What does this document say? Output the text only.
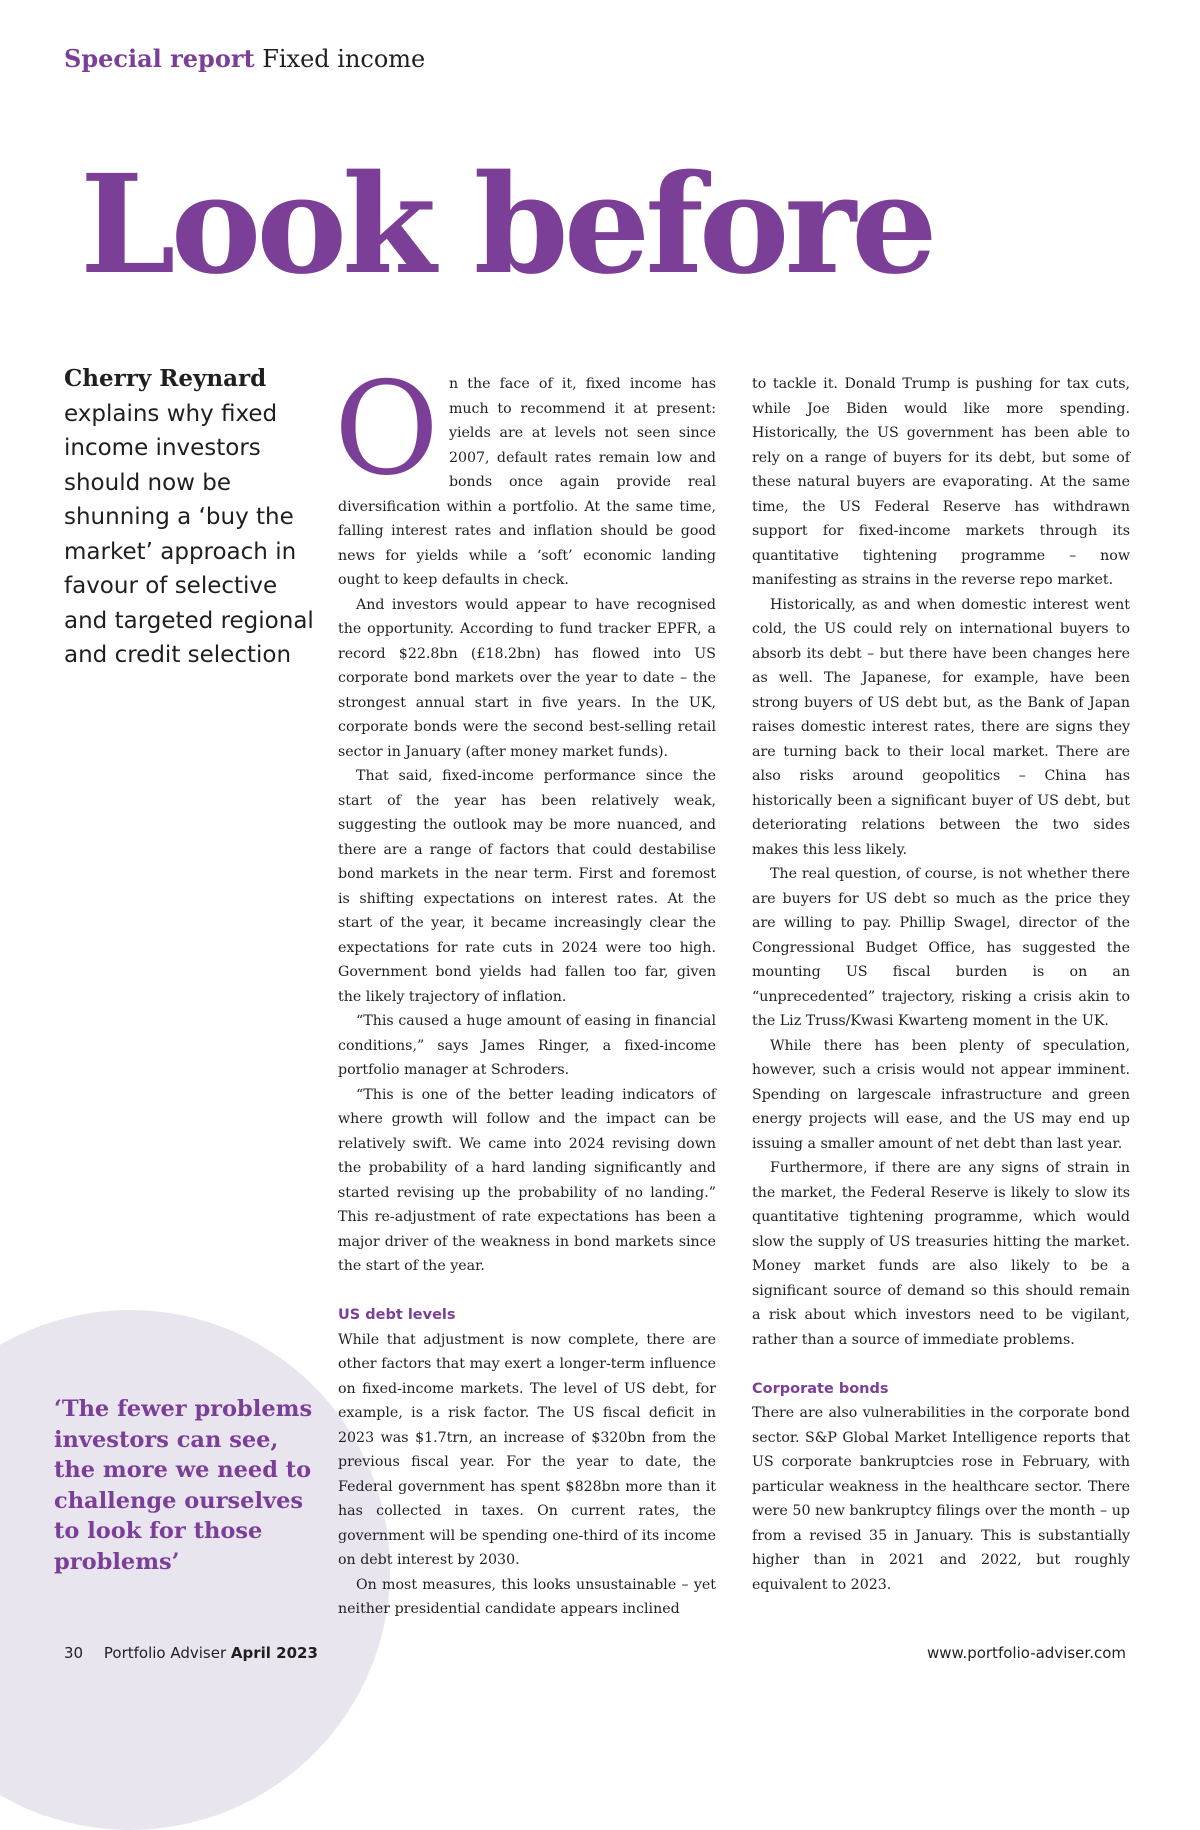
Special report Fixed income
Look before
Cherry Reynard
explains why fixed income investors should now be shunning a ‘buy the market’ approach in favour of selective and targeted regional and credit selection
‘The fewer problems investors can see, the more we need to challenge ourselves to look for those problems’

On the face of it, fixed income has much to recommend it at present: yields are at levels not seen since 2007, default rates remain low and bonds once again provide real diversification within a portfolio. At the same time, falling interest rates and inflation should be good news for yields while a ‘soft’ economic landing ought to keep defaults in check.

And investors would appear to have recognised the opportunity. According to fund tracker EPFR, a record $22.8bn (£18.2bn) has flowed into US corporate bond markets over the year to date – the strongest annual start in five years. In the UK, corporate bonds were the second best-selling retail sector in January (after money market funds).

That said, fixed-income performance since the start of the year has been relatively weak, suggesting the outlook may be more nuanced, and there are a range of factors that could destabilise bond markets in the near term. First and foremost is shifting expectations on interest rates. At the start of the year, it became increasingly clear the expectations for rate cuts in 2024 were too high. Government bond yields had fallen too far, given the likely trajectory of inflation.

“This caused a huge amount of easing in financial conditions,” says James Ringer, a fixed-income portfolio manager at Schroders.

“This is one of the better leading indicators of where growth will follow and the impact can be relatively swift. We came into 2024 revising down the probability of a hard landing significantly and started revising up the probability of no landing.” This re-adjustment of rate expectations has been a major driver of the weakness in bond markets since the start of the year.

US debt levels

While that adjustment is now complete, there are other factors that may exert a longer-term influence on fixed-income markets. The level of US debt, for example, is a risk factor. The US fiscal deficit in 2023 was $1.7trn, an increase of $320bn from the previous fiscal year. For the year to date, the Federal government has spent $828bn more than it has collected in taxes. On current rates, the government will be spending one-third of its income on debt interest by 2030.

On most measures, this looks unsustainable – yet neither presidential candidate appears inclined

to tackle it. Donald Trump is pushing for tax cuts, while Joe Biden would like more spending. Historically, the US government has been able to rely on a range of buyers for its debt, but some of these natural buyers are evaporating. At the same time, the US Federal Reserve has withdrawn support for fixed-income markets through its quantitative tightening programme – now manifesting as strains in the reverse repo market.

Historically, as and when domestic interest went cold, the US could rely on international buyers to absorb its debt – but there have been changes here as well. The Japanese, for example, have been strong buyers of US debt but, as the Bank of Japan raises domestic interest rates, there are signs they are turning back to their local market. There are also risks around geopolitics – China has historically been a significant buyer of US debt, but deteriorating relations between the two sides makes this less likely.

The real question, of course, is not whether there are buyers for US debt so much as the price they are willing to pay. Phillip Swagel, director of the Congressional Budget Office, has suggested the mounting US fiscal burden is on an “unprecedented” trajectory, risking a crisis akin to the Liz Truss/Kwasi Kwarteng moment in the UK.

While there has been plenty of speculation, however, such a crisis would not appear imminent. Spending on largescale infrastructure and green energy projects will ease, and the US may end up issuing a smaller amount of net debt than last year.

Furthermore, if there are any signs of strain in the market, the Federal Reserve is likely to slow its quantitative tightening programme, which would slow the supply of US treasuries hitting the market. Money market funds are also likely to be a significant source of demand so this should remain a risk about which investors need to be vigilant, rather than a source of immediate problems.

Corporate bonds

There are also vulnerabilities in the corporate bond sector. S&P Global Market Intelligence reports that US corporate bankruptcies rose in February, with particular weakness in the healthcare sector. There were 50 new bankruptcy filings over the month – up from a revised 35 in January. This is substantially higher than in 2021 and 2022, but roughly equivalent to 2023.

30 Portfolio Adviser April 2023	www.portfolio-adviser.com
